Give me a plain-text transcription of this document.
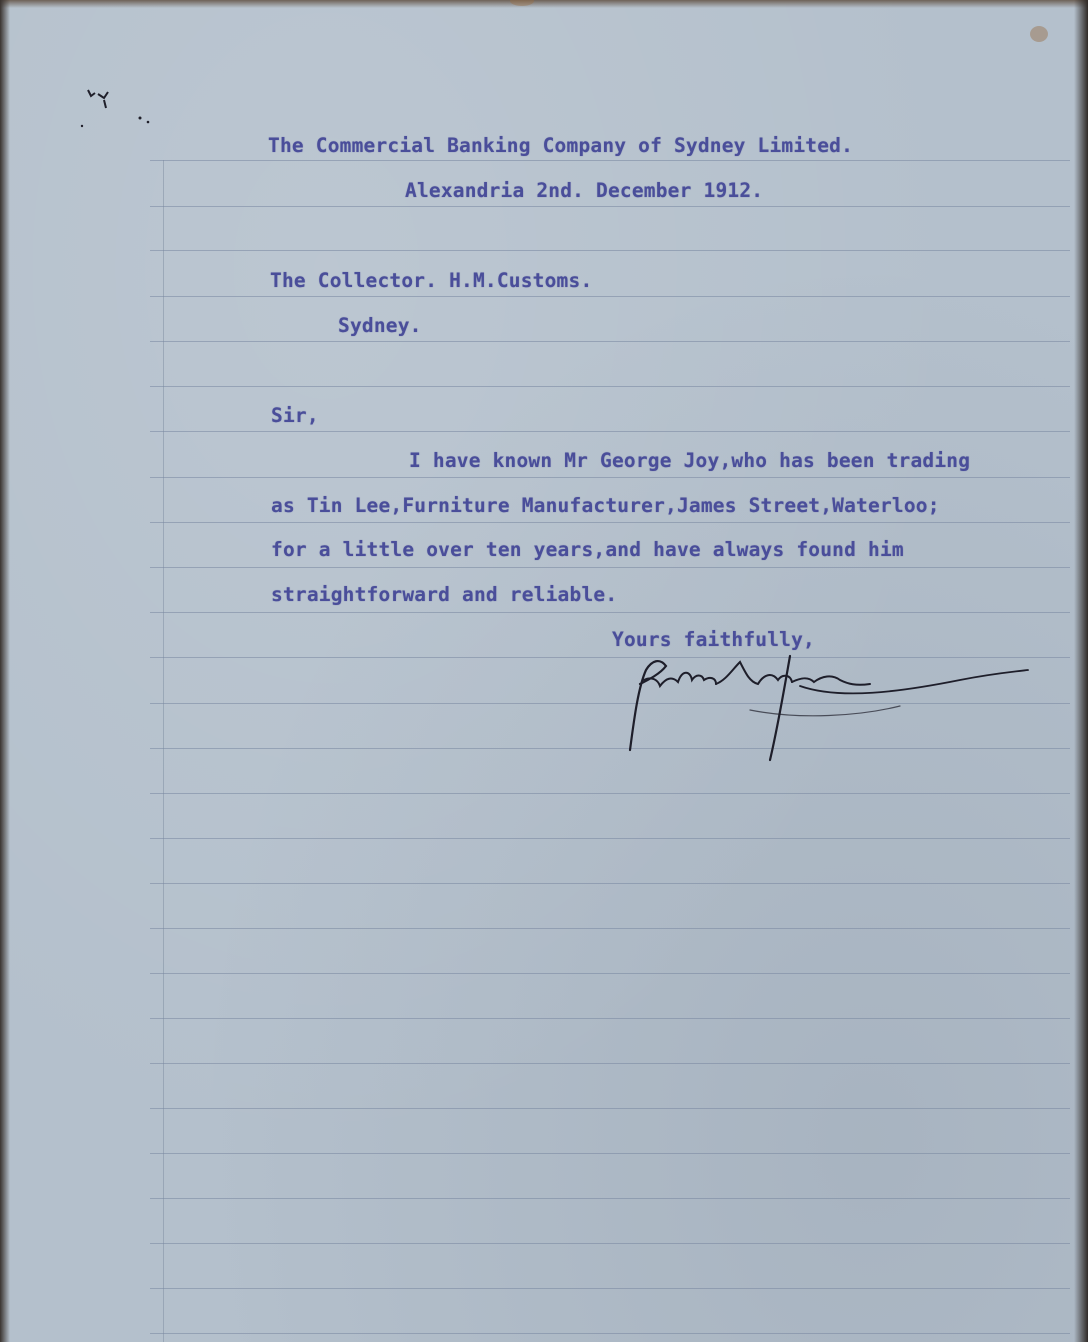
The Commercial Banking Company of Sydney Limited.
Alexandria 2nd. December 1912.
The Collector. H.M.Customs.
Sydney.
Sir,
I have known Mr George Joy,who has been trading
as Tin Lee,Furniture Manufacturer,James Street,Waterloo;
for a little over ten years,and have always found him
straightforward and reliable.
Yours faithfully,
